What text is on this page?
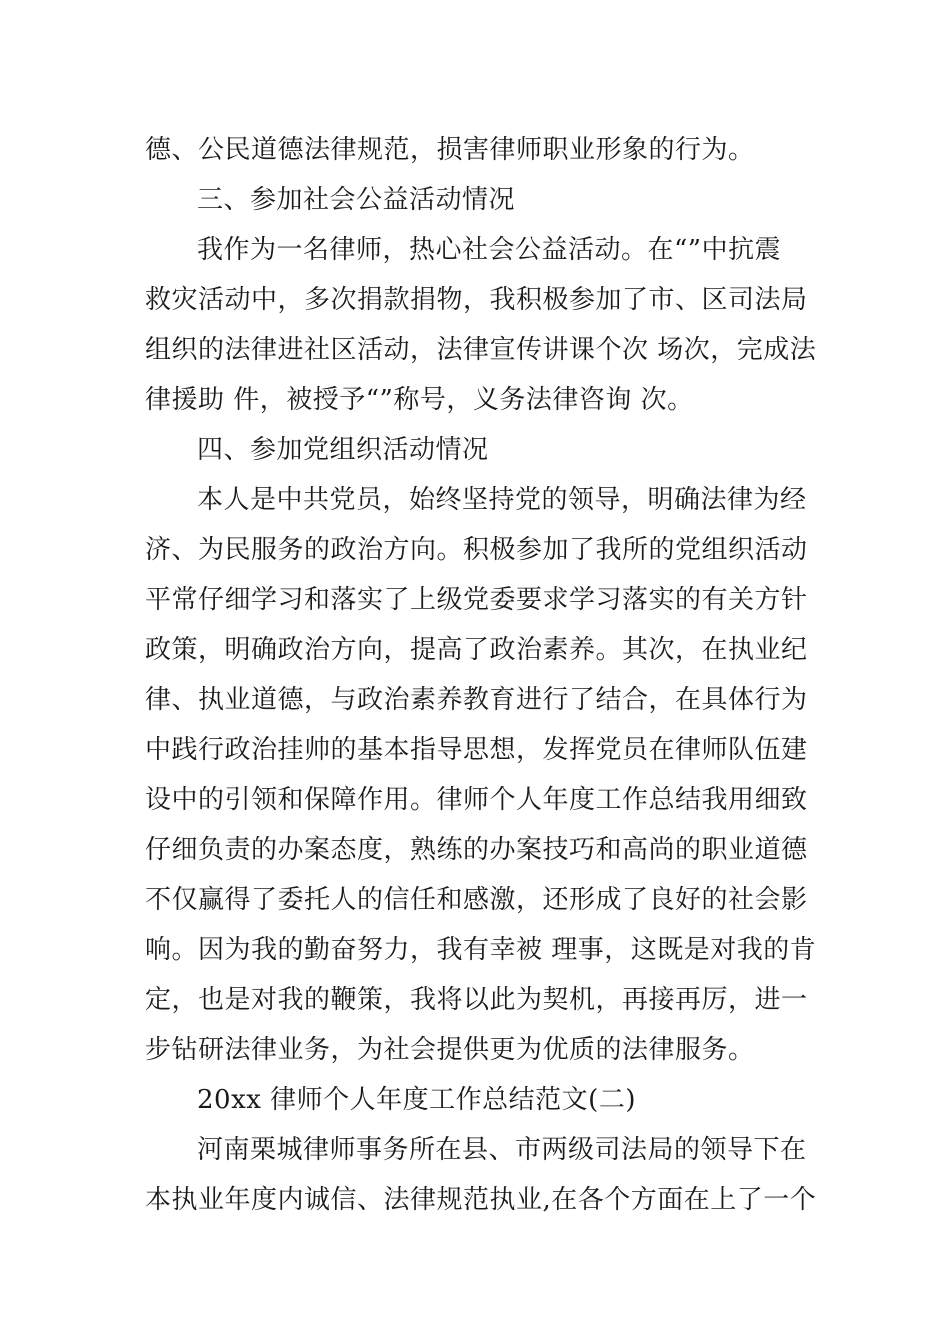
德、公民道德法律规范，损害律师职业形象的行为。
三、参加社会公益活动情况
我作为一名律师，热心社会公益活动。在“”中抗震
救灾活动中，多次捐款捐物，我积极参加了市、区司法局
组织的法律进社区活动，法律宣传讲课个次 场次，完成法
律援助 件，被授予“”称号，义务法律咨询 次。
四、参加党组织活动情况
本人是中共党员，始终坚持党的领导，明确法律为经
济、为民服务的政治方向。积极参加了我所的党组织活动
平常仔细学习和落实了上级党委要求学习落实的有关方针
政策，明确政治方向，提高了政治素养。其次，在执业纪
律、执业道德，与政治素养教育进行了结合，在具体行为
中践行政治挂帅的基本指导思想，发挥党员在律师队伍建
设中的引领和保障作用。律师个人年度工作总结我用细致
仔细负责的办案态度，熟练的办案技巧和高尚的职业道德
不仅赢得了委托人的信任和感激，还形成了良好的社会影
响。因为我的勤奋努力，我有幸被 理事，这既是对我的肯
定，也是对我的鞭策，我将以此为契机，再接再厉，进一
步钻研法律业务，为社会提供更为优质的法律服务。
20xx 律师个人年度工作总结范文(二)
河南栗城律师事务所在县、市两级司法局的领导下在
本执业年度内诚信、法律规范执业,在各个方面在上了一个
